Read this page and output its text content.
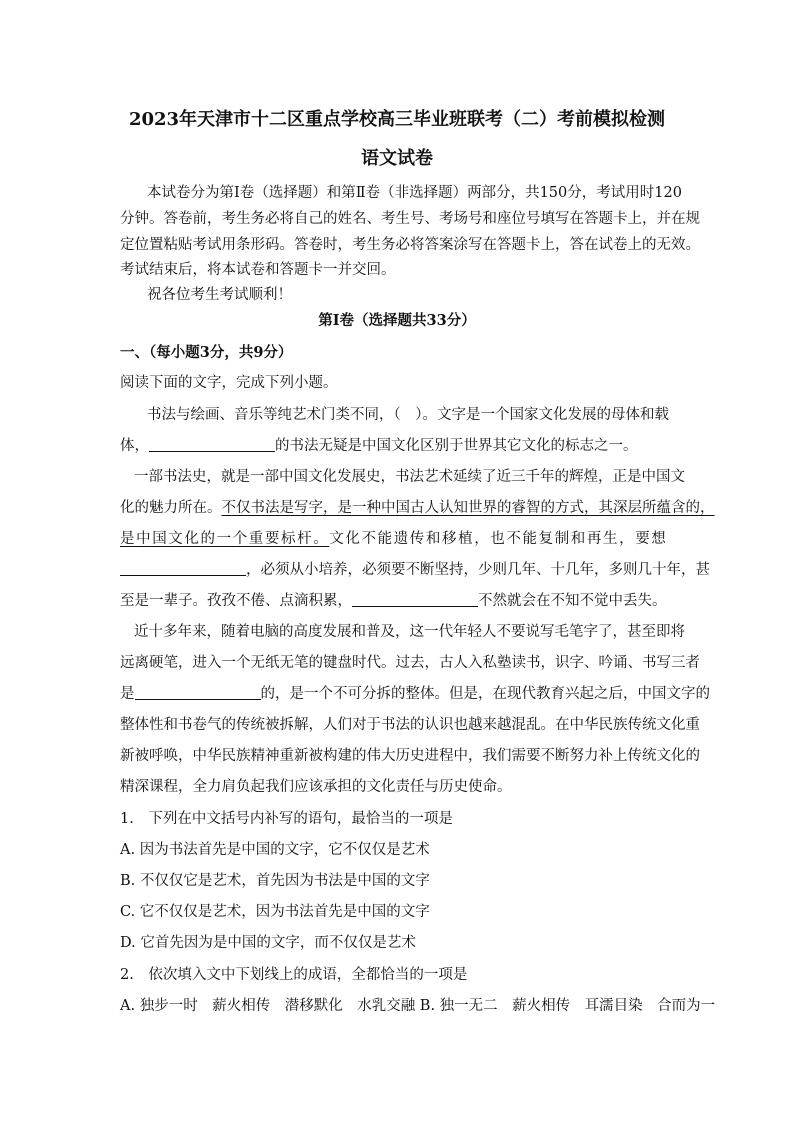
2023年天津市十二区重点学校高三毕业班联考（二）考前模拟检测
语文试卷
本试卷分为第Ⅰ卷（选择题）和第Ⅱ卷（非选择题）两部分，共150分，考试用时120
分钟。答卷前，考生务必将自己的姓名、考生号、考场号和座位号填写在答题卡上，并在规
定位置粘贴考试用条形码。答卷时，考生务必将答案涂写在答题卡上，答在试卷上的无效。
考试结束后，将本试卷和答题卡一并交回。
祝各位考生考试顺利！
第Ⅰ卷（选择题共33分）
一、（每小题3分，共9分）
阅读下面的文字，完成下列小题。
书法与绘画、音乐等纯艺术门类不同，（　）。文字是一个国家文化发展的母体和载
体，	的书法无疑是中国文化区别于世界其它文化的标志之一。
一部书法史，就是一部中国文化发展史，书法艺术延续了近三千年的辉煌，正是中国文
化的魅力所在。不仅书法是写字，是一种中国古人认知世界的睿智的方式，其深层所蕴含的，
是中国文化的一个重要标杆。文化不能遗传和移植，也不能复制和再生，要想
，必须从小培养，必须要不断坚持，少则几年、十几年，多则几十年，甚
至是一辈子。孜孜不倦、点滴积累，	不然就会在不知不觉中丢失。
近十多年来，随着电脑的高度发展和普及，这一代年轻人不要说写毛笔字了，甚至即将
远离硬笔，进入一个无纸无笔的键盘时代。过去，古人入私塾读书，识字、吟诵、书写三者
是	的，是一个不可分拆的整体。但是，在现代教育兴起之后，中国文字的
整体性和书卷气的传统被拆解，人们对于书法的认识也越来越混乱。在中华民族传统文化重
新被呼唤，中华民族精神重新被构建的伟大历史进程中，我们需要不断努力补上传统文化的
精深课程，全力肩负起我们应该承担的文化责任与历史使命。
1.　下列在中文括号内补写的语句，最恰当的一项是
A. 因为书法首先是中国的文字，它不仅仅是艺术
B. 不仅仅它是艺术，首先因为书法是中国的文字
C. 它不仅仅是艺术，因为书法首先是中国的文字
D. 它首先因为是中国的文字，而不仅仅是艺术
2.　依次填入文中下划线上的成语，全都恰当的一项是
A. 独步一时　薪火相传　潜移默化　水乳交融 B. 独一无二　薪火相传　耳濡目染　合而为一
